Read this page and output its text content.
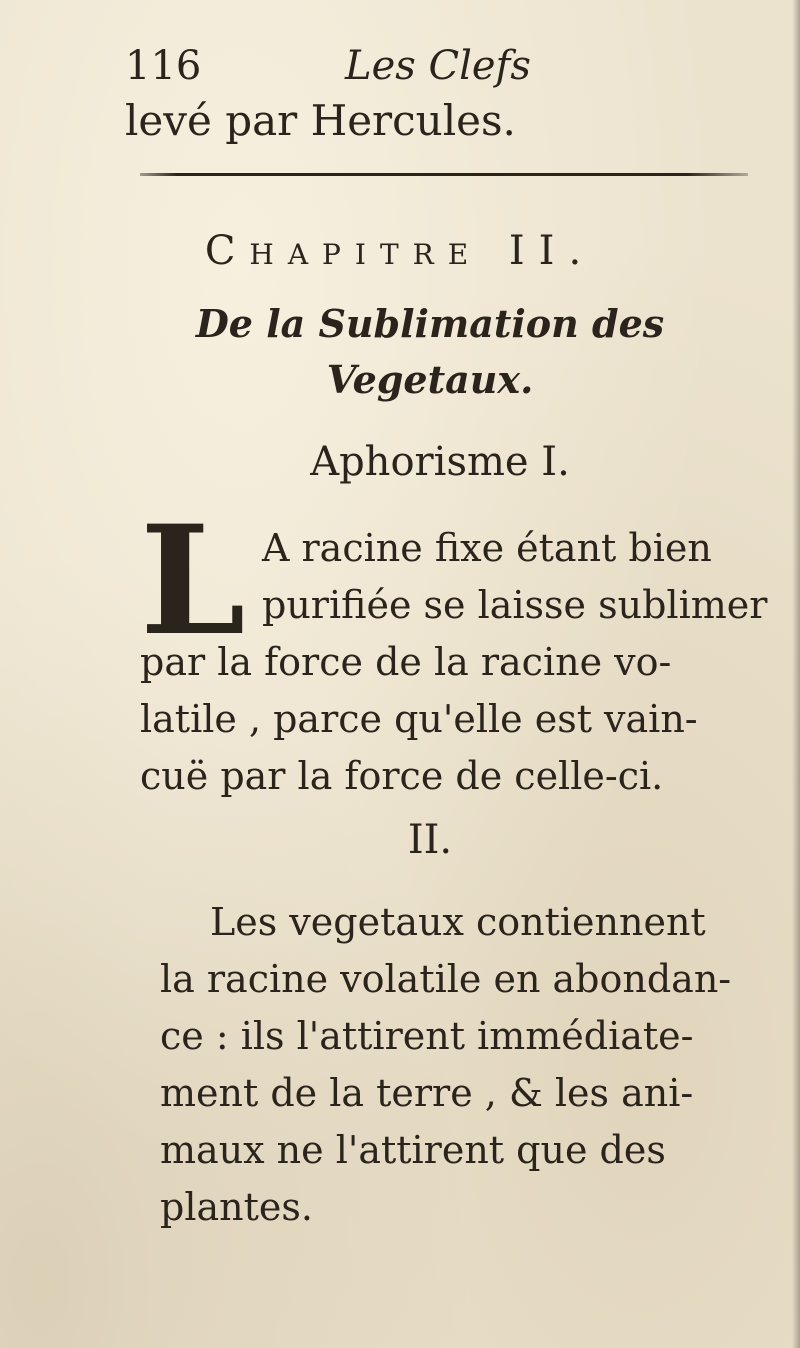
116	Les Clefs
levé par Hercules.
Chapitre II.
De la Sublimation des
Vegetaux.
Aphorisme I.
L A racine fixe étant bien
purifiée se laisse sublimer
par la force de la racine vo-
latile , parce qu'elle est vain-
cuë par la force de celle-ci.
II.
Les vegetaux contiennent
la racine volatile en abondan-
ce : ils l'attirent immédiate-
ment de la terre , & les ani-
maux ne l'attirent que des
plantes.
